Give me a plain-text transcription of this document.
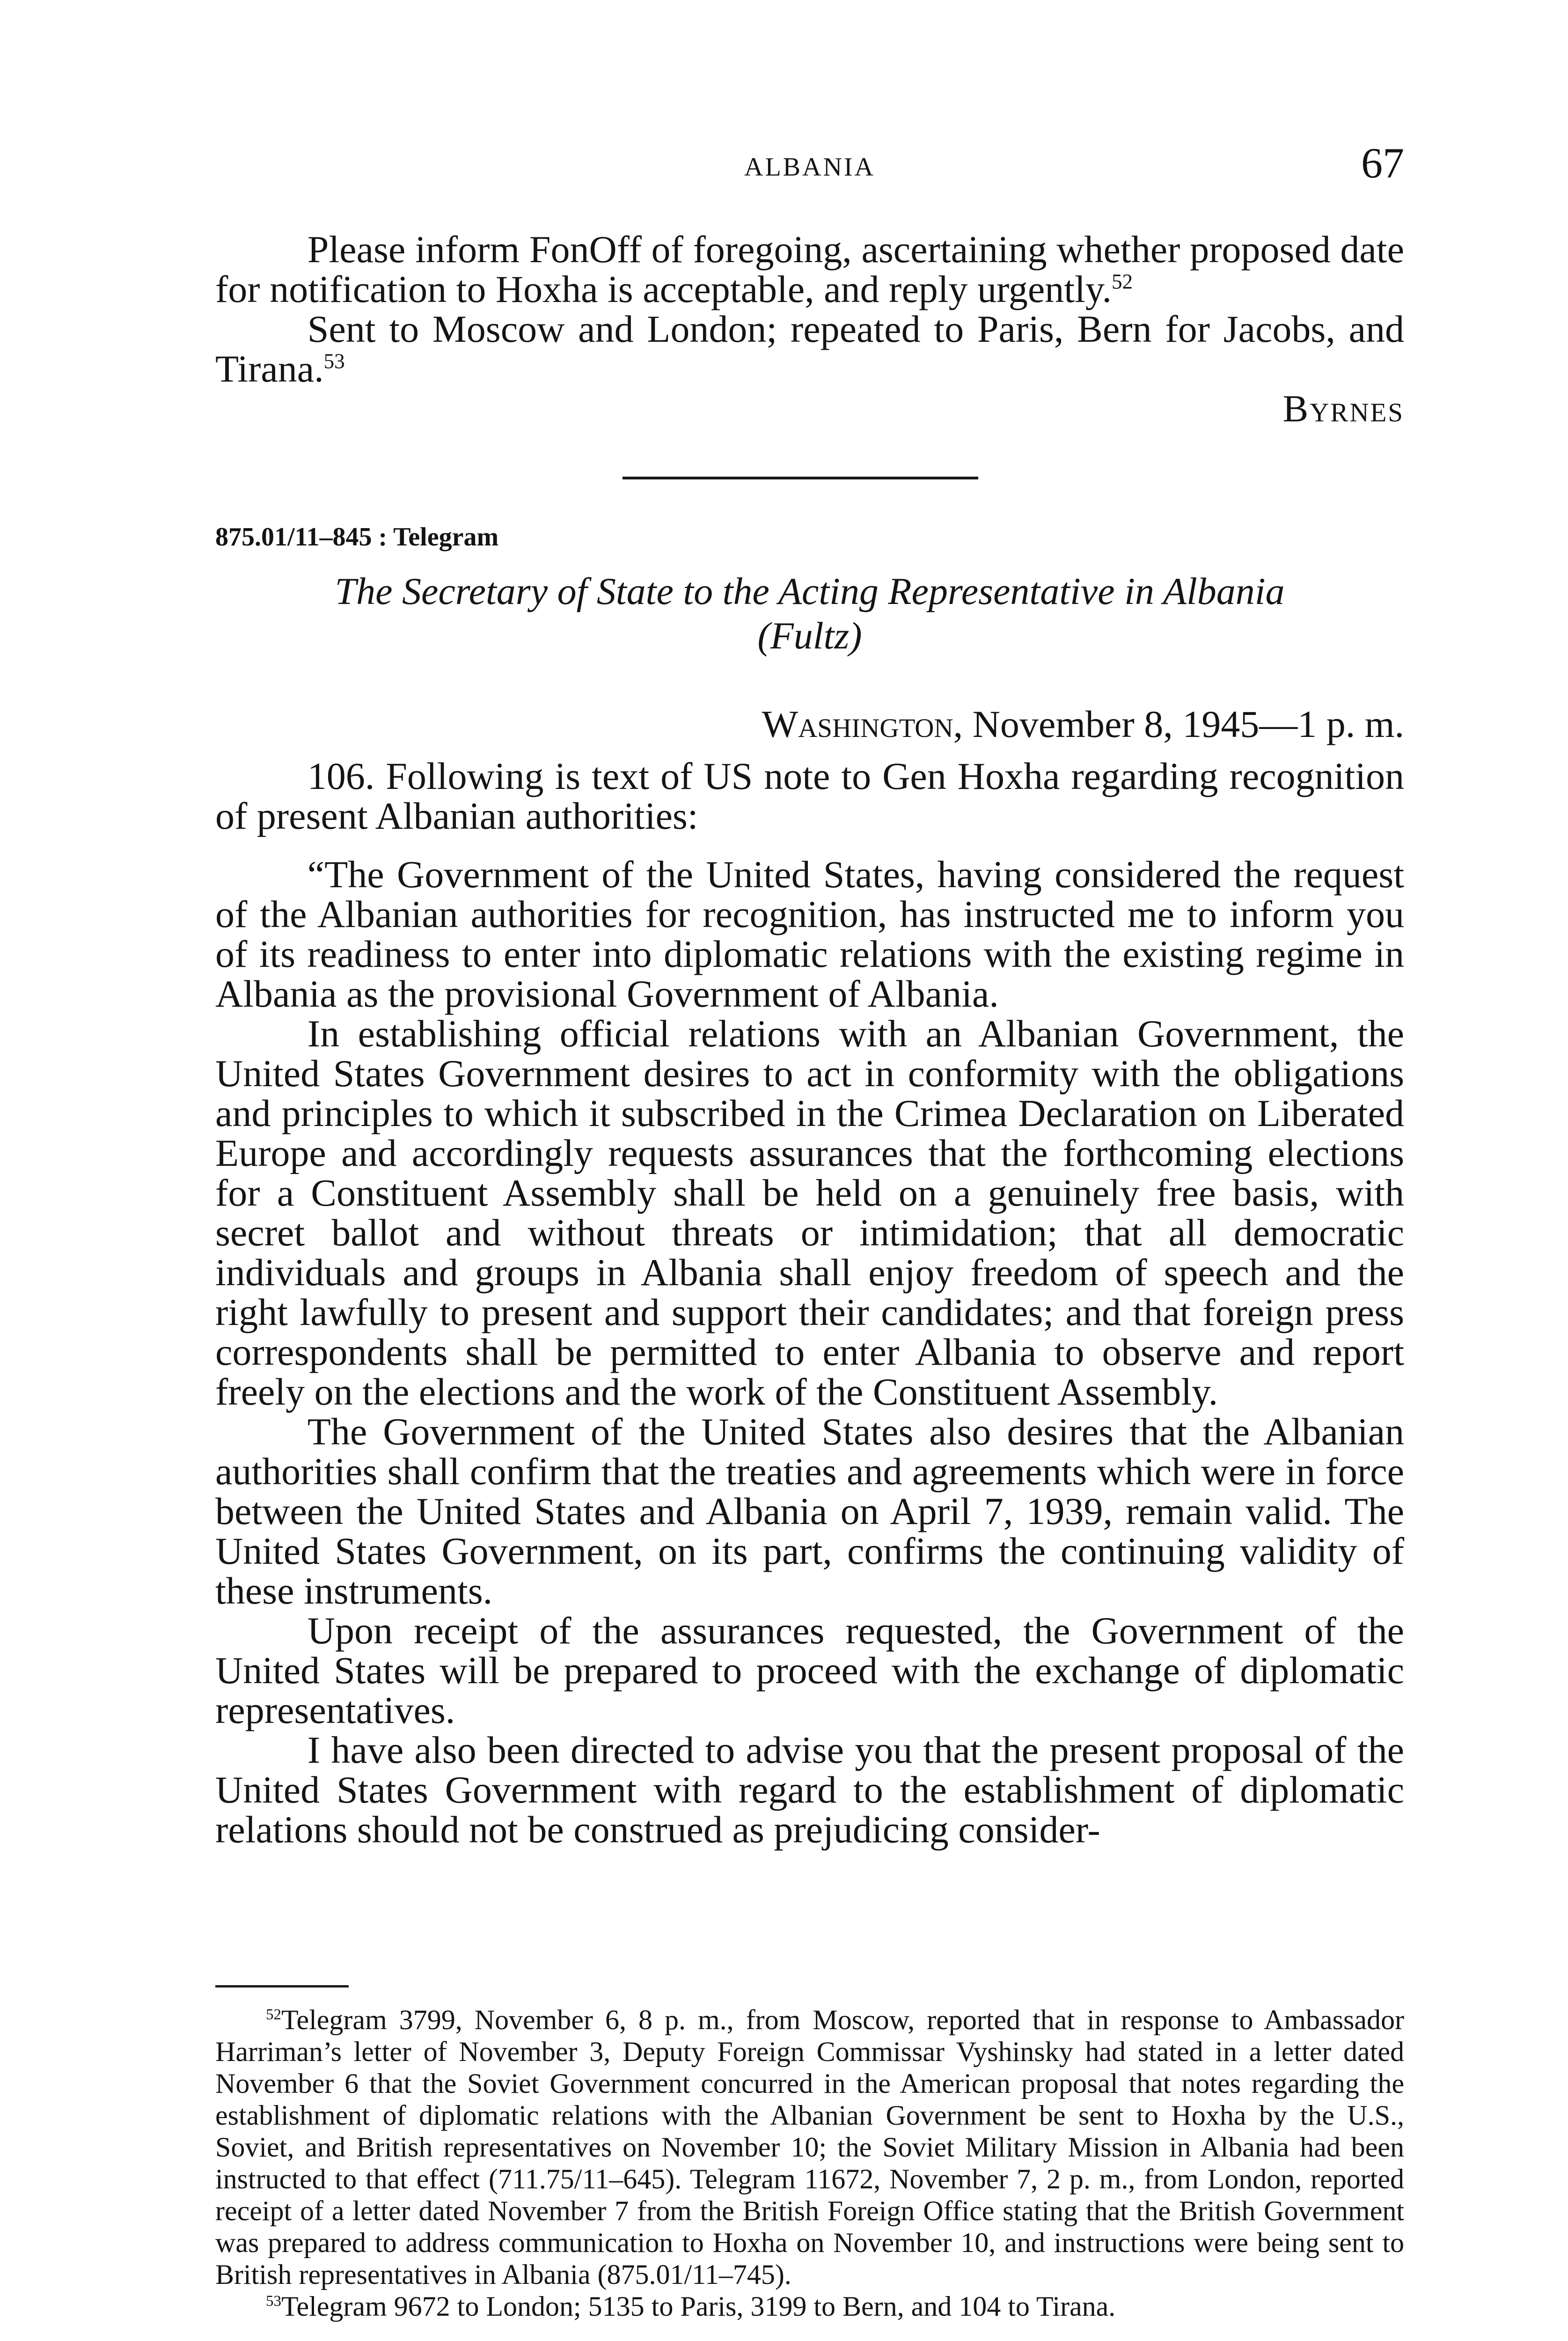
ALBANIA	67

Please inform FonOff of foregoing, ascertaining whether proposed date for notification to Hoxha is acceptable, and reply urgently.$^{52}$

Sent to Moscow and London; repeated to Paris, Bern for Jacobs, and Tirana.$^{53}$

Byrnes

875.01/11–845 : Telegram
The Secretary of State to the Acting Representative in Albania
(Fultz)
Washington, November 8, 1945—1 p. m.

106. Following is text of US note to Gen Hoxha regarding recognition of present Albanian authorities:

“The Government of the United States, having considered the request of the Albanian authorities for recognition, has instructed me to inform you of its readiness to enter into diplomatic relations with the existing regime in Albania as the provisional Government of Albania.

In establishing official relations with an Albanian Government, the United States Government desires to act in conformity with the obligations and principles to which it subscribed in the Crimea Declaration on Liberated Europe and accordingly requests assurances that the forthcoming elections for a Constituent Assembly shall be held on a genuinely free basis, with secret ballot and without threats or intimidation; that all democratic individuals and groups in Albania shall enjoy freedom of speech and the right lawfully to present and support their candidates; and that foreign press correspondents shall be permitted to enter Albania to observe and report freely on the elections and the work of the Constituent Assembly.

The Government of the United States also desires that the Albanian authorities shall confirm that the treaties and agreements which were in force between the United States and Albania on April 7, 1939, remain valid. The United States Government, on its part, confirms the continuing validity of these instruments.

Upon receipt of the assurances requested, the Government of the United States will be prepared to proceed with the exchange of diplomatic representatives.

I have also been directed to advise you that the present proposal of the United States Government with regard to the establishment of diplomatic relations should not be construed as prejudicing consider-

$^{52}$Telegram 3799, November 6, 8 p. m., from Moscow, reported that in response to Ambassador Harriman’s letter of November 3, Deputy Foreign Commissar Vyshinsky had stated in a letter dated November 6 that the Soviet Government concurred in the American proposal that notes regarding the establishment of diplomatic relations with the Albanian Government be sent to Hoxha by the U.S., Soviet, and British representatives on November 10; the Soviet Military Mission in Albania had been instructed to that effect (711.75/11–645). Telegram 11672, November 7, 2 p. m., from London, reported receipt of a letter dated November 7 from the British Foreign Office stating that the British Government was prepared to address communication to Hoxha on November 10, and instructions were being sent to British representatives in Albania (875.01/11–745).

$^{53}$Telegram 9672 to London; 5135 to Paris, 3199 to Bern, and 104 to Tirana.
